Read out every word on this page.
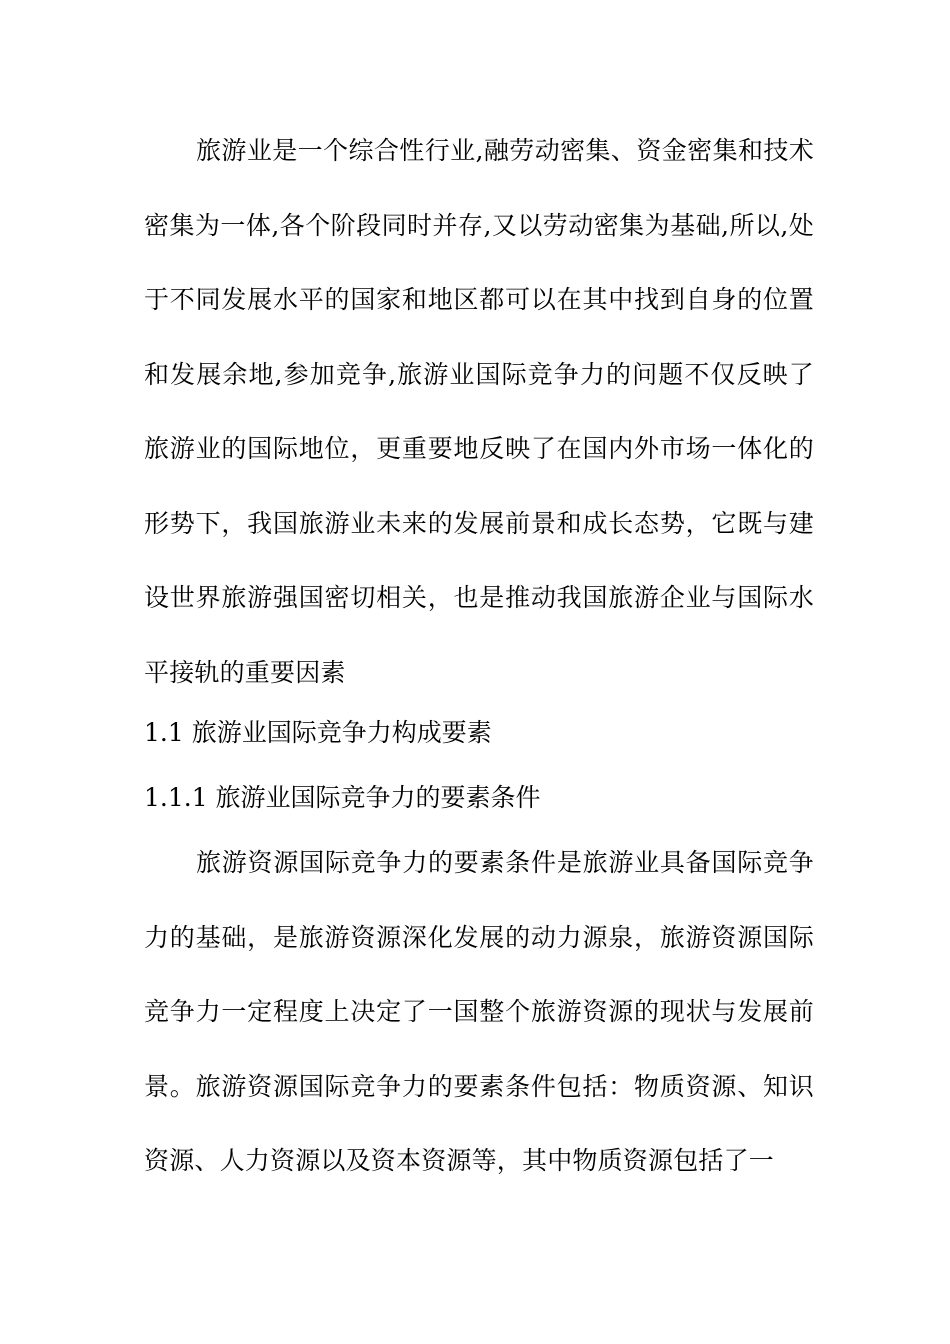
旅游业是一个综合性行业,融劳动密集、资金密集和技术密集为一体,各个阶段同时并存,又以劳动密集为基础,所以,处于不同发展水平的国家和地区都可以在其中找到自身的位置和发展余地,参加竞争,旅游业国际竞争力的问题不仅反映了旅游业的国际地位，更重要地反映了在国内外市场一体化的形势下，我国旅游业未来的发展前景和成长态势，它既与建设世界旅游强国密切相关，也是推动我国旅游企业与国际水平接轨的重要因素

1.1 旅游业国际竞争力构成要素
1.1.1 旅游业国际竞争力的要素条件

旅游资源国际竞争力的要素条件是旅游业具备国际竞争力的基础，是旅游资源深化发展的动力源泉，旅游资源国际竞争力一定程度上决定了一国整个旅游资源的现状与发展前景。旅游资源国际竞争力的要素条件包括：物质资源、知识资源、人力资源以及资本资源等，其中物质资源包括了一
